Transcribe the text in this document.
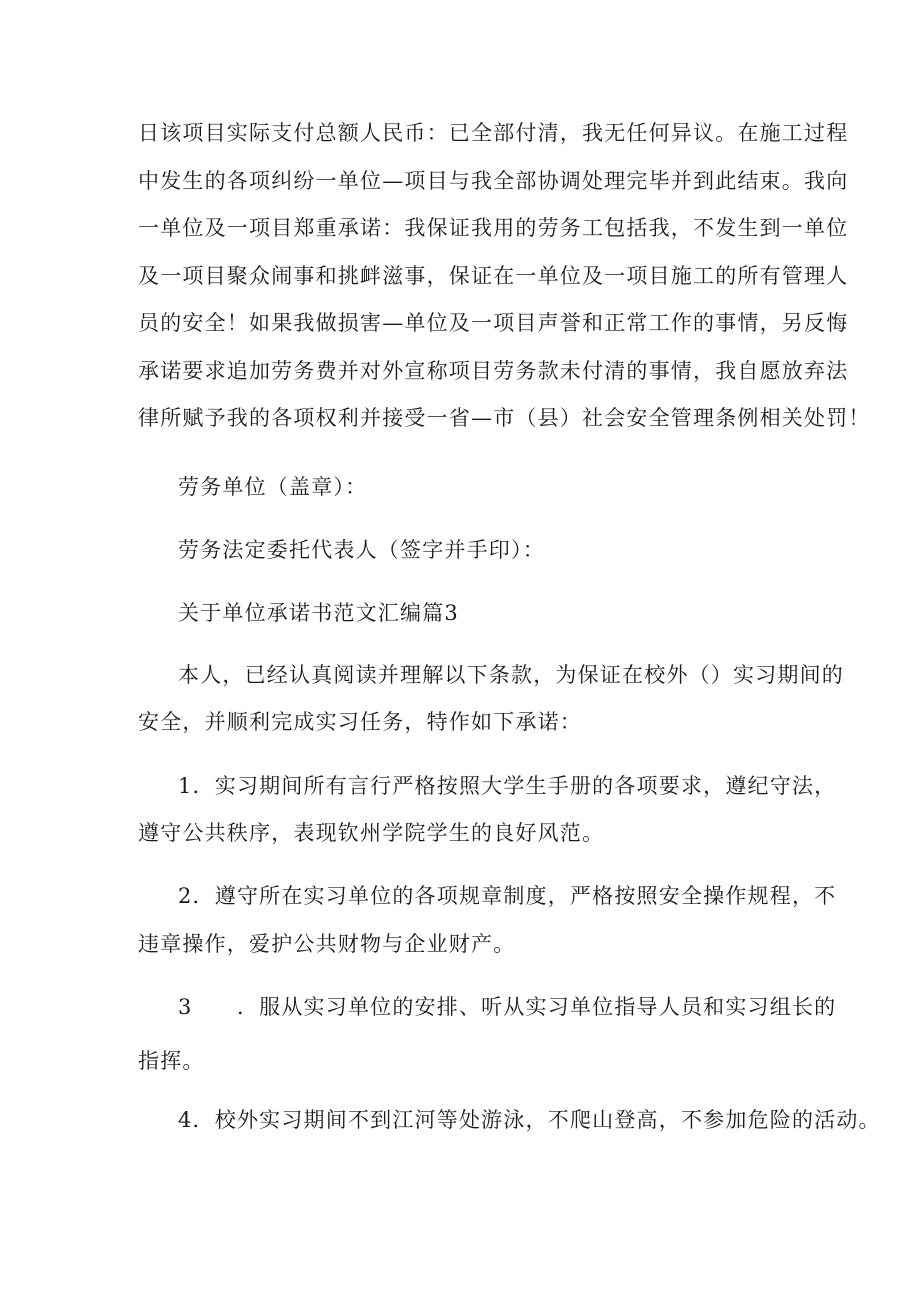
日该项目实际支付总额人民币：已全部付清，我无任何异议。在施工过程
中发生的各项纠纷一单位—项目与我全部协调处理完毕并到此结束。我向
一单位及一项目郑重承诺：我保证我用的劳务工包括我，不发生到一单位
及一项目聚众闹事和挑衅滋事，保证在一单位及一项目施工的所有管理人
员的安全！如果我做损害—单位及一项目声誉和正常工作的事情，另反悔
承诺要求追加劳务费并对外宣称项目劳务款未付清的事情，我自愿放弃法
律所赋予我的各项权利并接受一省—市（县）社会安全管理条例相关处罚！
劳务单位（盖章）：
劳务法定委托代表人（签字并手印）：
关于单位承诺书范文汇编篇3
本人，已经认真阅读并理解以下条款，为保证在校外（）实习期间的
安全，并顺利完成实习任务，特作如下承诺：
1．实习期间所有言行严格按照大学生手册的各项要求，遵纪守法，
遵守公共秩序，表现钦州学院学生的良好风范。
2．遵守所在实习单位的各项规章制度，严格按照安全操作规程，不
违章操作，爱护公共财物与企业财产。
3　　．服从实习单位的安排、听从实习单位指导人员和实习组长的
指挥。
4．校外实习期间不到江河等处游泳，不爬山登高，不参加危险的活动。
